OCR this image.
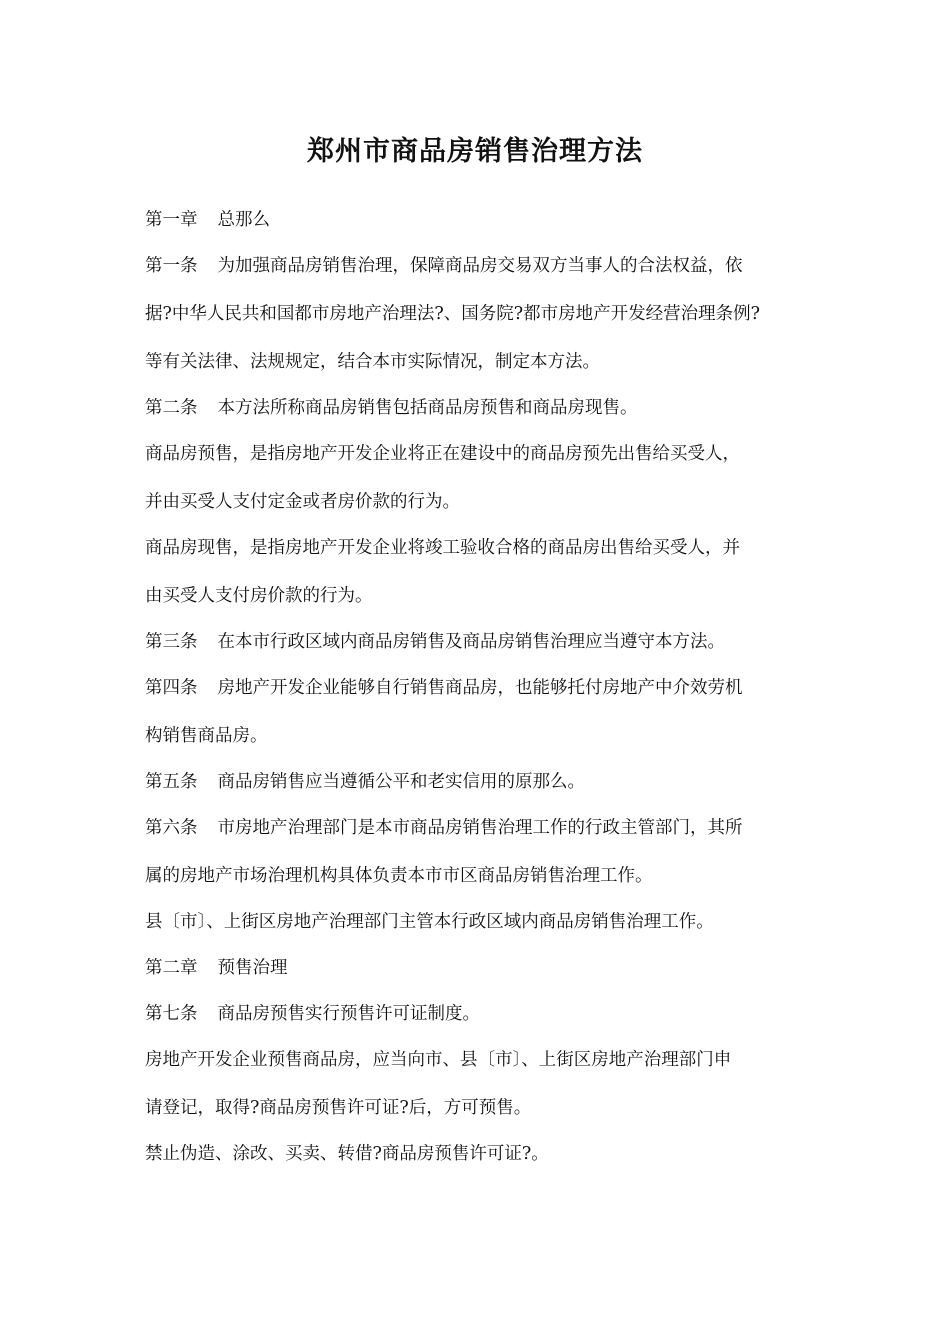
郑州市商品房销售治理方法
第一章 总那么
第一条 为加强商品房销售治理，保障商品房交易双方当事人的合法权益，依
据?中华人民共和国都市房地产治理法?、国务院?都市房地产开发经营治理条例?
等有关法律、法规规定，结合本市实际情况，制定本方法。
第二条 本方法所称商品房销售包括商品房预售和商品房现售。
商品房预售，是指房地产开发企业将正在建设中的商品房预先出售给买受人，
并由买受人支付定金或者房价款的行为。
商品房现售，是指房地产开发企业将竣工验收合格的商品房出售给买受人，并
由买受人支付房价款的行为。
第三条 在本市行政区域内商品房销售及商品房销售治理应当遵守本方法。
第四条 房地产开发企业能够自行销售商品房，也能够托付房地产中介效劳机
构销售商品房。
第五条 商品房销售应当遵循公平和老实信用的原那么。
第六条 市房地产治理部门是本市商品房销售治理工作的行政主管部门，其所
属的房地产市场治理机构具体负责本市市区商品房销售治理工作。
县〔市〕、上街区房地产治理部门主管本行政区域内商品房销售治理工作。
第二章 预售治理
第七条 商品房预售实行预售许可证制度。
房地产开发企业预售商品房，应当向市、县〔市〕、上街区房地产治理部门申
请登记，取得?商品房预售许可证?后，方可预售。
禁止伪造、涂改、买卖、转借?商品房预售许可证?。
